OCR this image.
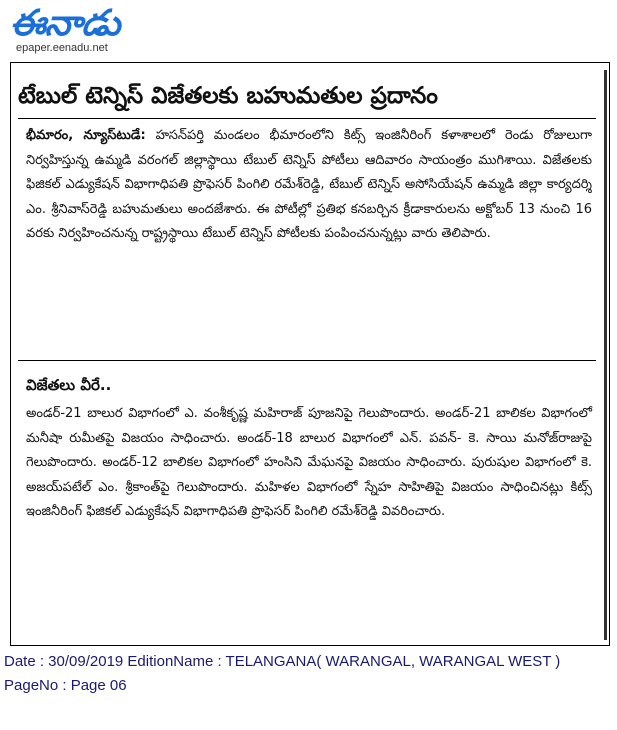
ఈనాడు
epaper.eenadu.net
టేబుల్ టెన్నిస్ విజేతలకు బహుమతుల ప్రదానం
భీమారం, న్యూస్‌టుడే: హసన్‌పర్తి మండలం భీమారంలోని కిట్స్ ఇంజినీరింగ్ కళాశాలలో రెండు రోజులుగా నిర్వహిస్తున్న ఉమ్మడి వరంగల్ జిల్లాస్థాయి టేబుల్ టెన్నిస్ పోటీలు ఆదివారం సాయంత్రం ముగిశాయి. విజేతలకు ఫిజికల్ ఎడ్యుకేషన్ విభాగాధిపతి ప్రొఫెసర్ పింగిలి రమేశ్‌రెడ్డి, టేబుల్ టెన్నిస్ అసోసియేషన్ ఉమ్మడి జిల్లా కార్యదర్శి ఎం. శ్రీనివాస్‌రెడ్డి బహుమతులు అందజేశారు. ఈ పోటీల్లో ప్రతిభ కనబర్చిన క్రీడాకారులను అక్టోబర్ 13 నుంచి 16 వరకు నిర్వహించనున్న రాష్ట్రస్థాయి టేబుల్ టెన్నిస్ పోటీలకు పంపించనున్నట్లు వారు తెలిపారు.
విజేతలు వీరే..
అండర్-21 బాలుర విభాగంలో ఎ. వంశీకృష్ణ మహిరాజ్ పూజనిపై గెలుపొందారు. అండర్-21 బాలికల విభాగంలో మనీషా రుమీతపై విజయం సాధించారు. అండర్-18 బాలుర విభాగంలో ఎన్. పవన్- కె. సాయి మనోజ్‌రాజుపై గెలుపొందారు. అండర్-12 బాలికల విభాగంలో హంసిని మేఘనపై విజయం సాధించారు. పురుషుల విభాగంలో కె. అజయ్‌పటేల్ ఎం. శ్రీకాంత్‌పై గెలుపొందారు. మహిళల విభాగంలో స్నేహ సాహితిపై విజయం సాధించినట్లు కిట్స్ ఇంజినీరింగ్ ఫిజికల్ ఎడ్యుకేషన్ విభాగాధిపతి ప్రొఫెసర్ పింగిలి రమేశ్‌రెడ్డి వివరించారు.
Date : 30/09/2019 EditionName : TELANGANA( WARANGAL, WARANGAL WEST ) PageNo : Page 06
